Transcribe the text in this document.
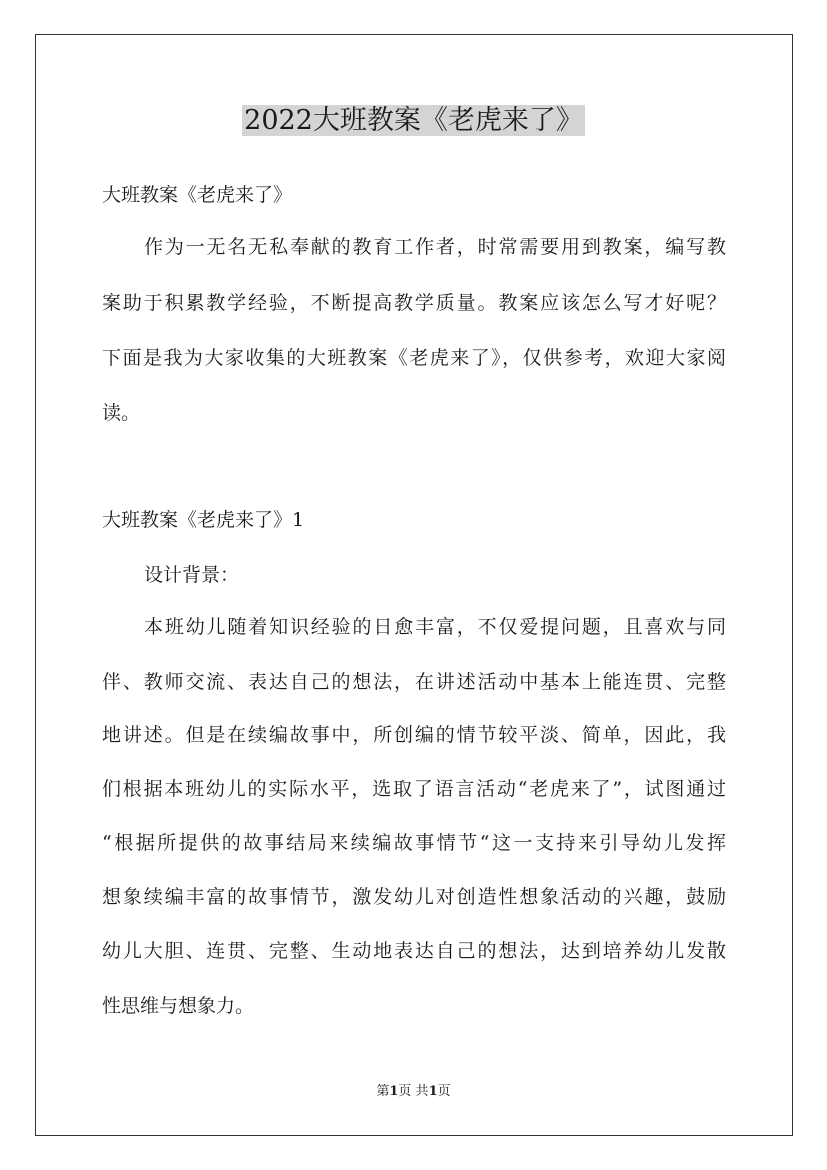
2022大班教案《老虎来了》
大班教案《老虎来了》
作为一无名无私奉献的教育工作者，时常需要用到教案，编写教
案助于积累教学经验，不断提高教学质量。教案应该怎么写才好呢？
下面是我为大家收集的大班教案《老虎来了》，仅供参考，欢迎大家阅
读。
大班教案《老虎来了》1
设计背景：
本班幼儿随着知识经验的日愈丰富，不仅爱提问题，且喜欢与同
伴、教师交流、表达自己的想法，在讲述活动中基本上能连贯、完整
地讲述。但是在续编故事中，所创编的情节较平淡、简单，因此，我
们根据本班幼儿的实际水平，选取了语言活动“老虎来了”，试图通过
“根据所提供的故事结局来续编故事情节“这一支持来引导幼儿发挥
想象续编丰富的故事情节，激发幼儿对创造性想象活动的兴趣，鼓励
幼儿大胆、连贯、完整、生动地表达自己的想法，达到培养幼儿发散
性思维与想象力。
第1页 共1页
